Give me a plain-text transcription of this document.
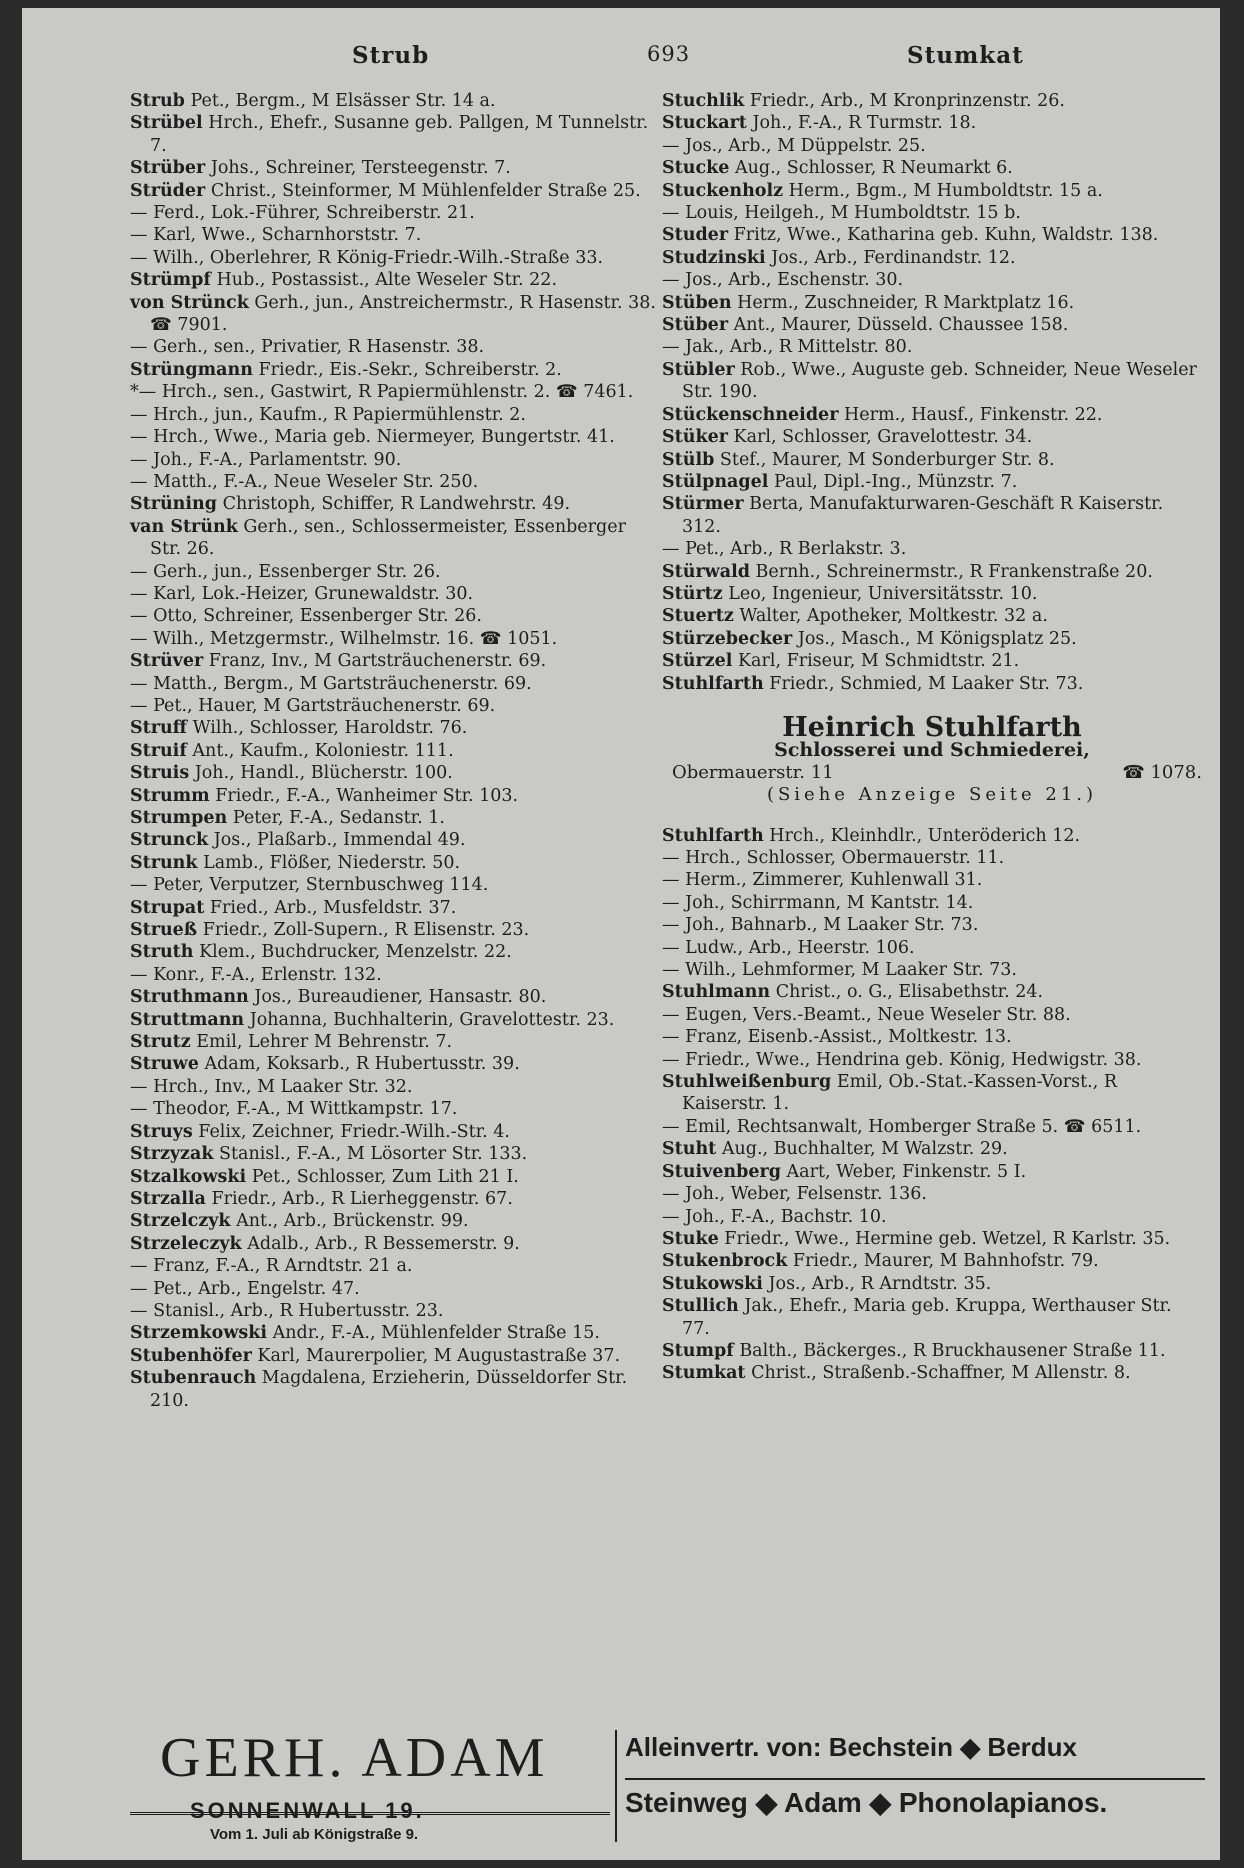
Strub	693	Stumkat

Strub Pet., Bergm., M Elsässer Str. 14 a.

Strübel Hrch., Ehefr., Susanne geb. Pallgen, M Tunnelstr. 7.

Strüber Johs., Schreiner, Tersteegenstr. 7.

Strüder Christ., Steinformer, M Mühlenfelder Straße 25.

— Ferd., Lok.-Führer, Schreiberstr. 21.

— Karl, Wwe., Scharnhorststr. 7.

— Wilh., Oberlehrer, R König-Friedr.-Wilh.-Straße 33.

Strümpf Hub., Postassist., Alte Weseler Str. 22.

von Strünck Gerh., jun., Anstreichermstr., R Hasenstr. 38. ☎ 7901.

— Gerh., sen., Privatier, R Hasenstr. 38.

Strüngmann Friedr., Eis.-Sekr., Schreiberstr. 2.

*— Hrch., sen., Gastwirt, R Papiermühlenstr. 2. ☎ 7461.

— Hrch., jun., Kaufm., R Papiermühlenstr. 2.

— Hrch., Wwe., Maria geb. Niermeyer, Bungertstr. 41.

— Joh., F.-A., Parlamentstr. 90.

— Matth., F.-A., Neue Weseler Str. 250.

Strüning Christoph, Schiffer, R Landwehrstr. 49.

van Strünk Gerh., sen., Schlossermeister, Essenberger Str. 26.

— Gerh., jun., Essenberger Str. 26.

— Karl, Lok.-Heizer, Grunewaldstr. 30.

— Otto, Schreiner, Essenberger Str. 26.

— Wilh., Metzgermstr., Wilhelmstr. 16. ☎ 1051.

Strüver Franz, Inv., M Gartsträuchenerstr. 69.

— Matth., Bergm., M Gartsträuchenerstr. 69.

— Pet., Hauer, M Gartsträuchenerstr. 69.

Struff Wilh., Schlosser, Haroldstr. 76.

Struif Ant., Kaufm., Koloniestr. 111.

Struis Joh., Handl., Blücherstr. 100.

Strumm Friedr., F.-A., Wanheimer Str. 103.

Strumpen Peter, F.-A., Sedanstr. 1.

Strunck Jos., Plaßarb., Immendal 49.

Strunk Lamb., Flößer, Niederstr. 50.

— Peter, Verputzer, Sternbuschweg 114.

Strupat Fried., Arb., Musfeldstr. 37.

Strueß Friedr., Zoll-Supern., R Elisenstr. 23.

Struth Klem., Buchdrucker, Menzelstr. 22.

— Konr., F.-A., Erlenstr. 132.

Struthmann Jos., Bureaudiener, Hansastr. 80.

Struttmann Johanna, Buchhalterin, Gravelottestr. 23.

Strutz Emil, Lehrer M Behrenstr. 7.

Struwe Adam, Koksarb., R Hubertusstr. 39.

— Hrch., Inv., M Laaker Str. 32.

— Theodor, F.-A., M Wittkampstr. 17.

Struys Felix, Zeichner, Friedr.-Wilh.-Str. 4.

Strzyzak Stanisl., F.-A., M Lösorter Str. 133.

Stzalkowski Pet., Schlosser, Zum Lith 21 I.

Strzalla Friedr., Arb., R Lierheggenstr. 67.

Strzelczyk Ant., Arb., Brückenstr. 99.

Strzeleczyk Adalb., Arb., R Bessemerstr. 9.

— Franz, F.-A., R Arndtstr. 21 a.

— Pet., Arb., Engelstr. 47.

— Stanisl., Arb., R Hubertusstr. 23.

Strzemkowski Andr., F.-A., Mühlenfelder Straße 15.

Stubenhöfer Karl, Maurerpolier, M Augustastraße 37.

Stubenrauch Magdalena, Erzieherin, Düsseldorfer Str. 210.

Stuchlik Friedr., Arb., M Kronprinzenstr. 26.

Stuckart Joh., F.-A., R Turmstr. 18.

— Jos., Arb., M Düppelstr. 25.

Stucke Aug., Schlosser, R Neumarkt 6.

Stuckenholz Herm., Bgm., M Humboldtstr. 15 a.

— Louis, Heilgeh., M Humboldtstr. 15 b.

Studer Fritz, Wwe., Katharina geb. Kuhn, Waldstr. 138.

Studzinski Jos., Arb., Ferdinandstr. 12.

— Jos., Arb., Eschenstr. 30.

Stüben Herm., Zuschneider, R Marktplatz 16.

Stüber Ant., Maurer, Düsseld. Chaussee 158.

— Jak., Arb., R Mittelstr. 80.

Stübler Rob., Wwe., Auguste geb. Schneider, Neue Weseler Str. 190.

Stückenschneider Herm., Hausf., Finkenstr. 22.

Stüker Karl, Schlosser, Gravelottestr. 34.

Stülb Stef., Maurer, M Sonderburger Str. 8.

Stülpnagel Paul, Dipl.-Ing., Münzstr. 7.

Stürmer Berta, Manufakturwaren-Geschäft R Kaiserstr. 312.

— Pet., Arb., R Berlakstr. 3.

Stürwald Bernh., Schreinermstr., R Frankenstraße 20.

Stürtz Leo, Ingenieur, Universitätsstr. 10.

Stuertz Walter, Apotheker, Moltkestr. 32 a.

Stürzebecker Jos., Masch., M Königsplatz 25.

Stürzel Karl, Friseur, M Schmidtstr. 21.

Stuhlfarth Friedr., Schmied, M Laaker Str. 73.

Heinrich Stuhlfarth
Schlosserei und Schmiederei,
Obermauerstr. 11	☎ 1078.
(Siehe Anzeige Seite 21.)

Stuhlfarth Hrch., Kleinhdlr., Unteröderich 12.

— Hrch., Schlosser, Obermauerstr. 11.

— Herm., Zimmerer, Kuhlenwall 31.

— Joh., Schirrmann, M Kantstr. 14.

— Joh., Bahnarb., M Laaker Str. 73.

— Ludw., Arb., Heerstr. 106.

— Wilh., Lehmformer, M Laaker Str. 73.

Stuhlmann Christ., o. G., Elisabethstr. 24.

— Eugen, Vers.-Beamt., Neue Weseler Str. 88.

— Franz, Eisenb.-Assist., Moltkestr. 13.

— Friedr., Wwe., Hendrina geb. König, Hedwigstr. 38.

Stuhlweißenburg Emil, Ob.-Stat.-Kassen-Vorst., R Kaiserstr. 1.

— Emil, Rechtsanwalt, Homberger Straße 5. ☎ 6511.

Stuht Aug., Buchhalter, M Walzstr. 29.

Stuivenberg Aart, Weber, Finkenstr. 5 I.

— Joh., Weber, Felsenstr. 136.

— Joh., F.-A., Bachstr. 10.

Stuke Friedr., Wwe., Hermine geb. Wetzel, R Karlstr. 35.

Stukenbrock Friedr., Maurer, M Bahnhofstr. 79.

Stukowski Jos., Arb., R Arndtstr. 35.

Stullich Jak., Ehefr., Maria geb. Kruppa, Werthauser Str. 77.

Stumpf Balth., Bäckerges., R Bruckhausener Straße 11.

Stumkat Christ., Straßenb.-Schaffner, M Allenstr. 8.

GERH. ADAM
SONNENWALL 19.
Vom 1. Juli ab Königstraße 9.
Alleinvertr. von: Bechstein ◆ Berdux
Steinweg ◆ Adam ◆ Phonolapianos.
